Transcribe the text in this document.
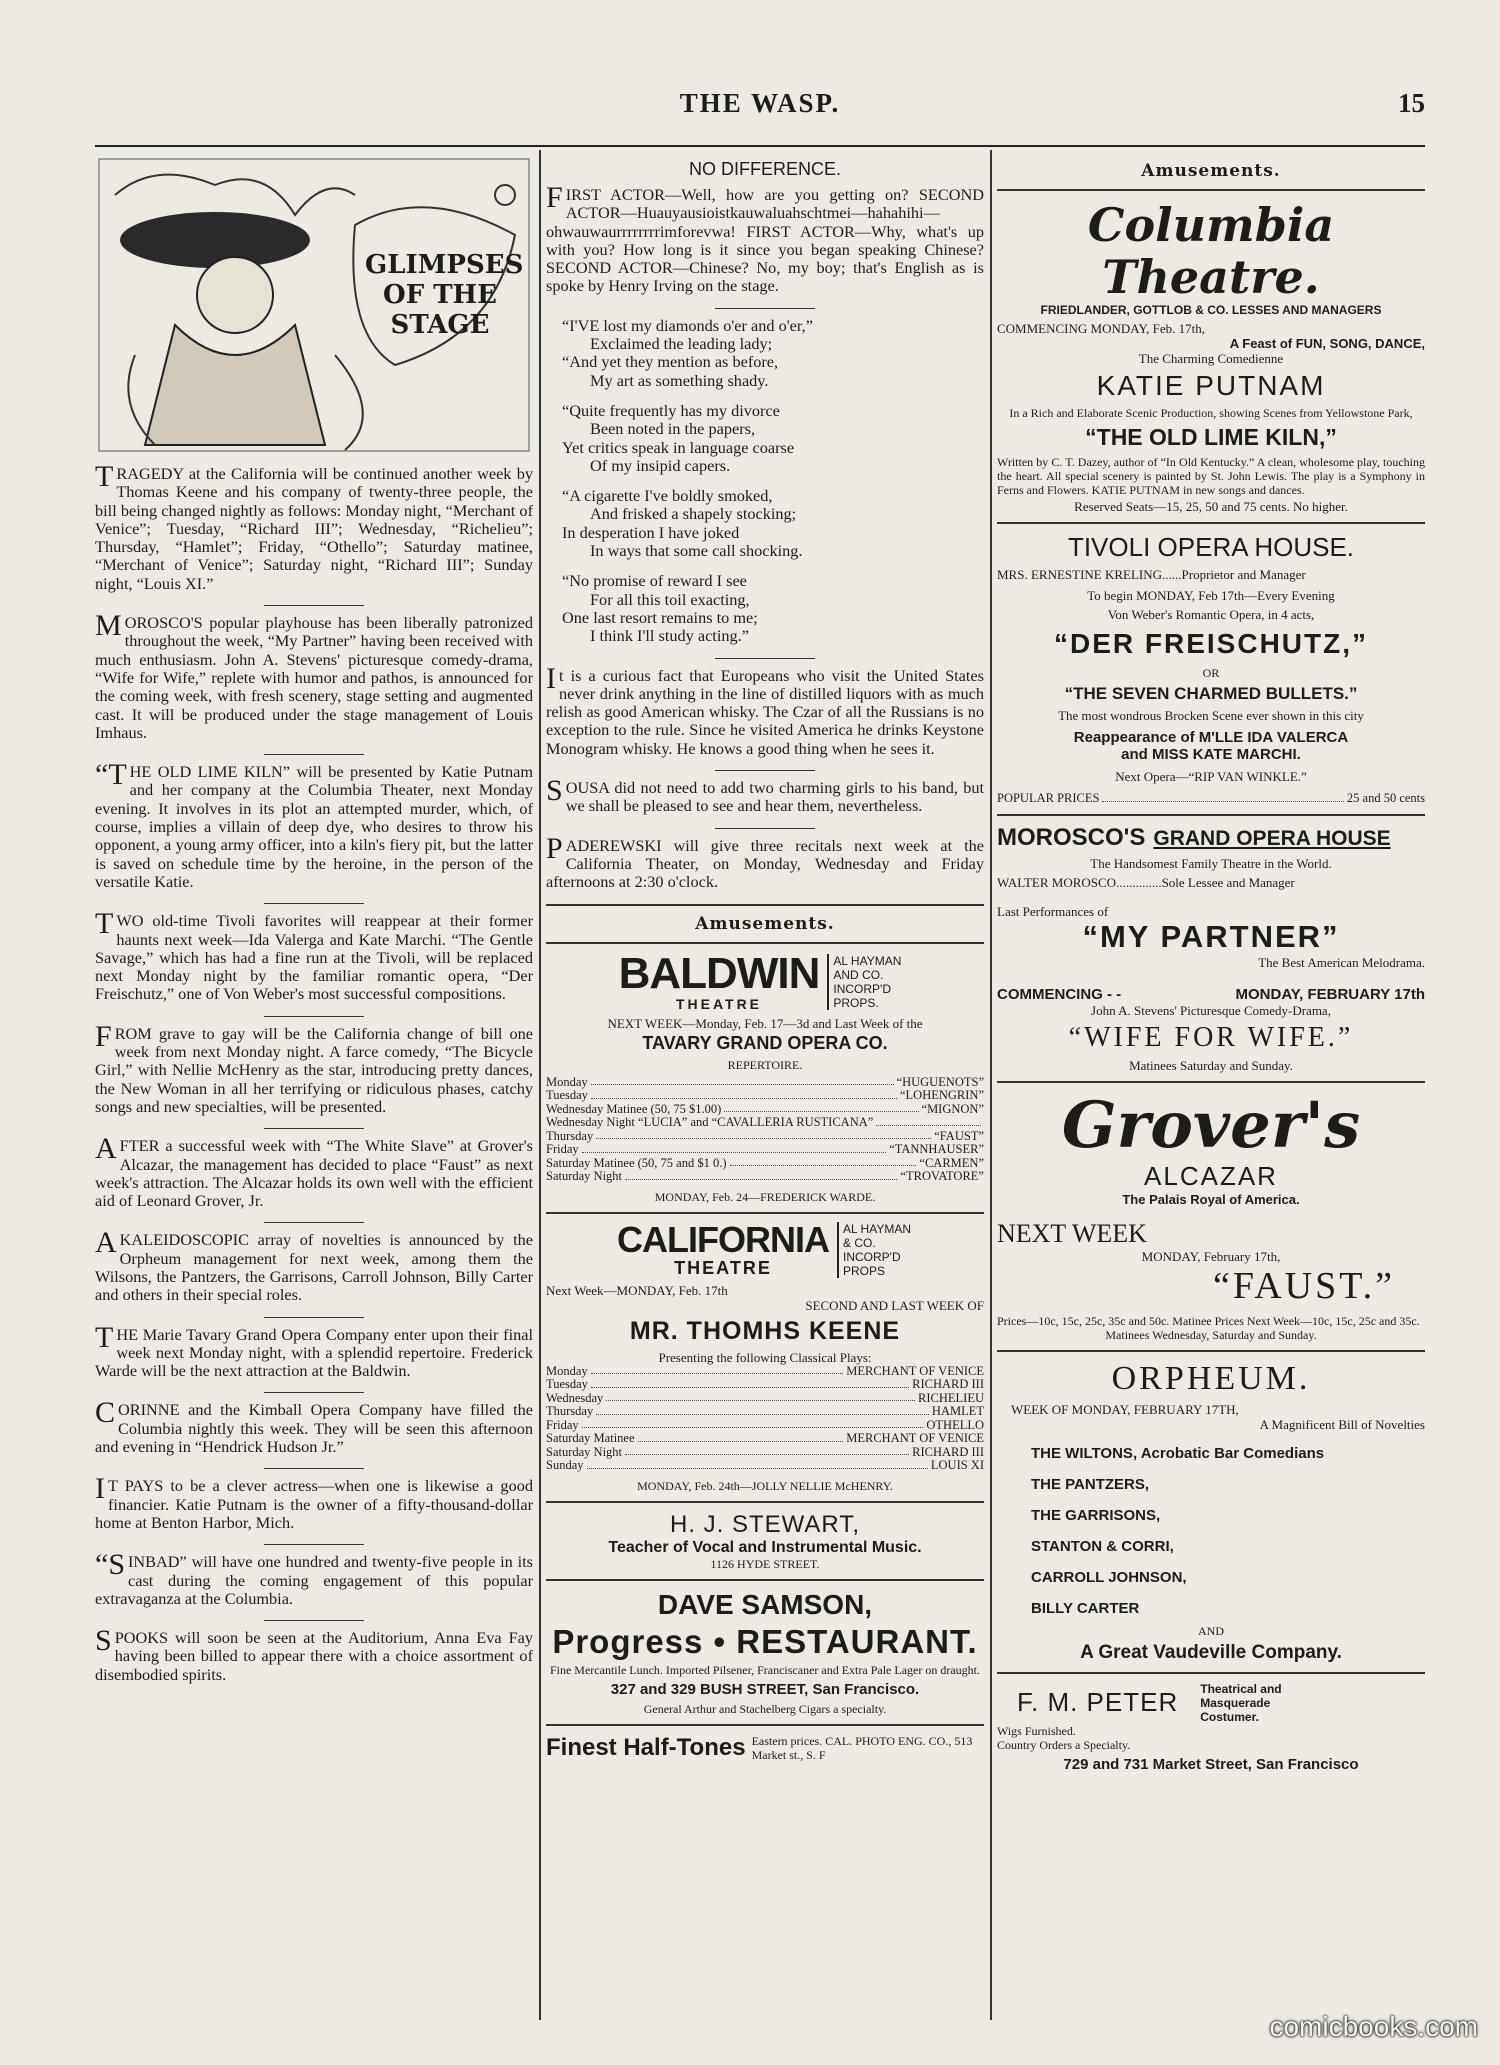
THE WASP.	15
GLIMPSES OF THE STAGE

TRAGEDY at the California will be continued another week by Thomas Keene and his company of twenty-three people, the bill being changed nightly as follows: Monday night, “Merchant of Venice”; Tuesday, “Richard III”; Wednesday, “Richelieu”; Thursday, “Hamlet”; Friday, “Othello”; Saturday matinee, “Merchant of Venice”; Saturday night, “Richard III”; Sunday night, “Louis XI.”

MOROSCO'S popular playhouse has been liberally patronized throughout the week, “My Partner” having been received with much enthusiasm. John A. Stevens' picturesque comedy-drama, “Wife for Wife,” replete with humor and pathos, is announced for the coming week, with fresh scenery, stage setting and augmented cast. It will be produced under the stage management of Louis Imhaus.

“THE OLD LIME KILN” will be presented by Katie Putnam and her company at the Columbia Theater, next Monday evening. It involves in its plot an attempted murder, which, of course, implies a villain of deep dye, who desires to throw his opponent, a young army officer, into a kiln's fiery pit, but the latter is saved on schedule time by the heroine, in the person of the versatile Katie.

TWO old-time Tivoli favorites will reappear at their former haunts next week—Ida Valerga and Kate Marchi. “The Gentle Savage,” which has had a fine run at the Tivoli, will be replaced next Monday night by the familiar romantic opera, “Der Freischutz,” one of Von Weber's most successful compositions.

FROM grave to gay will be the California change of bill one week from next Monday night. A farce comedy, “The Bicycle Girl,” with Nellie McHenry as the star, introducing pretty dances, the New Woman in all her terrifying or ridiculous phases, catchy songs and new specialties, will be presented.

AFTER a successful week with “The White Slave” at Grover's Alcazar, the management has decided to place “Faust” as next week's attraction. The Alcazar holds its own well with the efficient aid of Leonard Grover, Jr.

AKALEIDOSCOPIC array of novelties is announced by the Orpheum management for next week, among them the Wilsons, the Pantzers, the Garrisons, Carroll Johnson, Billy Carter and others in their special roles.

THE Marie Tavary Grand Opera Company enter upon their final week next Monday night, with a splendid repertoire. Frederick Warde will be the next attraction at the Baldwin.

CORINNE and the Kimball Opera Company have filled the Columbia nightly this week. They will be seen this afternoon and evening in “Hendrick Hudson Jr.”

IT PAYS to be a clever actress—when one is likewise a good financier. Katie Putnam is the owner of a fifty-thousand-dollar home at Benton Harbor, Mich.

“SINBAD” will have one hundred and twenty-five people in its cast during the coming engagement of this popular extravaganza at the Columbia.

SPOOKS will soon be seen at the Auditorium, Anna Eva Fay having been billed to appear there with a choice assortment of disembodied spirits.

NO DIFFERENCE.

FIRST ACTOR—Well, how are you getting on? SECOND ACTOR—Huauyausioistkauwaluahschtmei—hahahihi—ohwauwaurrrrrrrrimforevwa! FIRST ACTOR—Why, what's up with you? How long is it since you began speaking Chinese? SECOND ACTOR—Chinese? No, my boy; that's English as is spoke by Henry Irving on the stage.

“I'VE lost my diamonds o'er and o'er,”
Exclaimed the leading lady;
“And yet they mention as before,
My art as something shady.
“Quite frequently has my divorce
Been noted in the papers,
Yet critics speak in language coarse
Of my insipid capers.
“A cigarette I've boldly smoked,
And frisked a shapely stocking;
In desperation I have joked
In ways that some call shocking.
“No promise of reward I see
For all this toil exacting,
One last resort remains to me;
I think I'll study acting.”

It is a curious fact that Europeans who visit the United States never drink anything in the line of distilled liquors with as much relish as good American whisky. The Czar of all the Russians is no exception to the rule. Since he visited America he drinks Keystone Monogram whisky. He knows a good thing when he sees it.

SOUSA did not need to add two charming girls to his band, but we shall be pleased to see and hear them, nevertheless.

PADEREWSKI will give three recitals next week at the California Theater, on Monday, Wednesday and Friday afternoons at 2:30 o'clock.

Amusements.
BALDWIN
THEATRE
AL HAYMAN AND CO. INCORP'D PROPS.
NEXT WEEK—Monday, Feb. 17—3d and Last Week of the
TAVARY GRAND OPERA CO.
REPERTOIRE.
Monday	“HUGUENOTS”
Tuesday	“LOHENGRIN”
Wednesday Matinee (50, 75 $1.00)	“MIGNON”
Wednesday Night “LUCIA” and “CAVALLERIA RUSTICANA”
Thursday	“FAUST”
Friday	“TANNHAUSER”
Saturday Matinee (50, 75 and $1 0.)	“CARMEN”
Saturday Night	“TROVATORE”
MONDAY, Feb. 24—FREDERICK WARDE.
CALIFORNIA
THEATRE
AL HAYMAN & CO. INCORP'D PROPS
Next Week—MONDAY, Feb. 17th
SECOND AND LAST WEEK OF
MR. THOMHS KEENE
Presenting the following Classical Plays:
Monday	MERCHANT OF VENICE
Tuesday	RICHARD III
Wednesday	RICHELIEU
Thursday	HAMLET
Friday	OTHELLO
Saturday Matinee	MERCHANT OF VENICE
Saturday Night	RICHARD III
Sunday	LOUIS XI
MONDAY, Feb. 24th—JOLLY NELLIE McHENRY.
H. J. STEWART,
Teacher of Vocal and Instrumental Music.
1126 HYDE STREET.
DAVE SAMSON,
Progress • RESTAURANT.
Fine Mercantile Lunch. Imported Pilsener, Franciscaner and Extra Pale Lager on draught.
327 and 329 BUSH STREET, San Francisco.
General Arthur and Stachelberg Cigars a specialty.
Finest Half-Tones Eastern prices. CAL. PHOTO ENG. CO., 513 Market st., S. F
Amusements.
Columbia Theatre.
FRIEDLANDER, GOTTLOB & CO. LESSES AND MANAGERS
COMMENCING MONDAY, Feb. 17th,
A Feast of FUN, SONG, DANCE,
The Charming Comedienne
KATIE PUTNAM
In a Rich and Elaborate Scenic Production, showing Scenes from Yellowstone Park,
“THE OLD LIME KILN,”
Written by C. T. Dazey, author of “In Old Kentucky.” A clean, wholesome play, touching the heart. All special scenery is painted by St. John Lewis. The play is a Symphony in Ferns and Flowers. KATIE PUTNAM in new songs and dances.
Reserved Seats—15, 25, 50 and 75 cents. No higher.
TIVOLI OPERA HOUSE.
MRS. ERNESTINE KRELING......Proprietor and Manager
To begin MONDAY, Feb 17th—Every Evening
Von Weber's Romantic Opera, in 4 acts,
“DER FREISCHUTZ,”
OR
“THE SEVEN CHARMED BULLETS.”
The most wondrous Brocken Scene ever shown in this city
Reappearance of M'LLE IDA VALERCA
and MISS KATE MARCHI.
Next Opera—“RIP VAN WINKLE.”
POPULAR PRICES	25 and 50 cents
MOROSCO'S GRAND OPERA HOUSE
The Handsomest Family Theatre in the World.
WALTER MOROSCO..............Sole Lessee and Manager
Last Performances of
“MY PARTNER”
The Best American Melodrama.
COMMENCING - -	MONDAY, FEBRUARY 17th
John A. Stevens' Picturesque Comedy-Drama,
“WIFE FOR WIFE.”
Matinees Saturday and Sunday.
Grover's
ALCAZAR
The Palais Royal of America.
NEXT WEEK
MONDAY, February 17th,
“FAUST.”
Prices—10c, 15c, 25c, 35c and 50c. Matinee Prices Next Week—10c, 15c, 25c and 35c.
Matinees Wednesday, Saturday and Sunday.
ORPHEUM.
WEEK OF MONDAY, FEBRUARY 17TH,
A Magnificent Bill of Novelties
THE WILTONS, Acrobatic Bar Comedians
THE PANTZERS,
THE GARRISONS,
STANTON & CORRI,
CARROLL JOHNSON,
BILLY CARTER
AND
A Great Vaudeville Company.
F. M. PETER Theatrical and Masquerade Costumer.
Wigs Furnished.
Country Orders a Specialty.
729 and 731 Market Street, San Francisco
comicbooks.com
